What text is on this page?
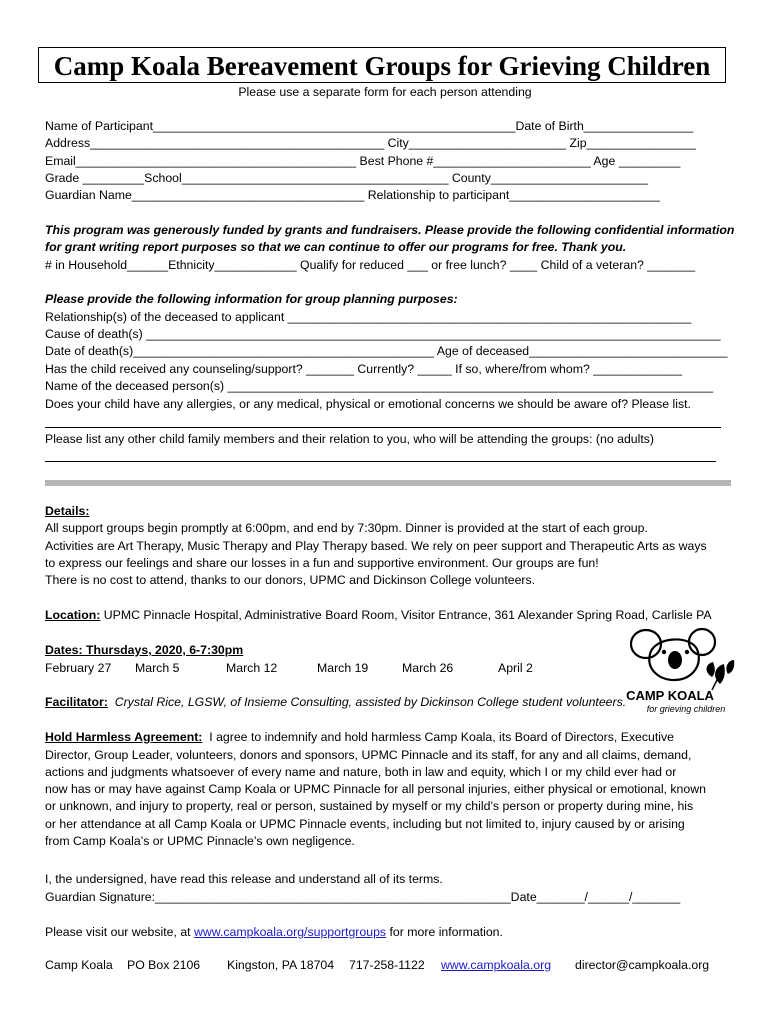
Camp Koala Bereavement Groups for Grieving Children
Please use a separate form for each person attending
Name of Participant_____________________________________________________Date of Birth________________
Address___________________________________________ City_______________________ Zip________________
Email_________________________________________ Best Phone #_______________________ Age _________
Grade _________School_______________________________________ County_______________________
Guardian Name__________________________________ Relationship to participant______________________
This program was generously funded by grants and fundraisers. Please provide the following confidential information
for grant writing report purposes so that we can continue to offer our programs for free. Thank you.
# in Household______Ethnicity____________ Qualify for reduced ___ or free lunch? ____ Child of a veteran? _______
Please provide the following information for group planning purposes:
Relationship(s) of the deceased to applicant ___________________________________________________________
Cause of death(s) ____________________________________________________________________________________
Date of death(s)____________________________________________ Age of deceased_____________________________
Has the child received any counseling/support? _______ Currently? _____ If so, where/from whom? _____________
Name of the deceased person(s) _______________________________________________________________________
Does your child have any allergies, or any medical, physical or emotional concerns we should be aware of? Please list.
Please list any other child family members and their relation to you, who will be attending the groups: (no adults)
Details:
All support groups begin promptly at 6:00pm, and end by 7:30pm. Dinner is provided at the start of each group.
Activities are Art Therapy, Music Therapy and Play Therapy based. We rely on peer support and Therapeutic Arts as ways
to express our feelings and share our losses in a fun and supportive environment. Our groups are fun!
There is no cost to attend, thanks to our donors, UPMC and Dickinson College volunteers.
Location: UPMC Pinnacle Hospital, Administrative Board Room, Visitor Entrance, 361 Alexander Spring Road, Carlisle PA
Dates: Thursdays, 2020, 6-7:30pm
February 27 March 5	March 12	March 19	March 26	April 2
Facilitator:  Crystal Rice, LGSW, of Insieme Consulting, assisted by Dickinson College student volunteers. CAMP KOALA
for grieving children
Hold Harmless Agreement:  I agree to indemnify and hold harmless Camp Koala, its Board of Directors, Executive
Director, Group Leader, volunteers, donors and sponsors, UPMC Pinnacle and its staff, for any and all claims, demand,
actions and judgments whatsoever of every name and nature, both in law and equity, which I or my child ever had or
now has or may have against Camp Koala or UPMC Pinnacle for all personal injuries, either physical or emotional, known
or unknown, and injury to property, real or person, sustained by myself or my child’s person or property during mine, his
or her attendance at all Camp Koala or UPMC Pinnacle events, including but not limited to, injury caused by or arising
from Camp Koala’s or UPMC Pinnacle’s own negligence.
I, the undersigned, have read this release and understand all of its terms.
Guardian Signature:____________________________________________________Date_______/______/_______
Please visit our website, at www.campkoala.org/supportgroups for more information.
Camp Koala PO Box 2106 Kingston, PA 18704 717-258-1122 www.campkoala.org director@campkoala.org
